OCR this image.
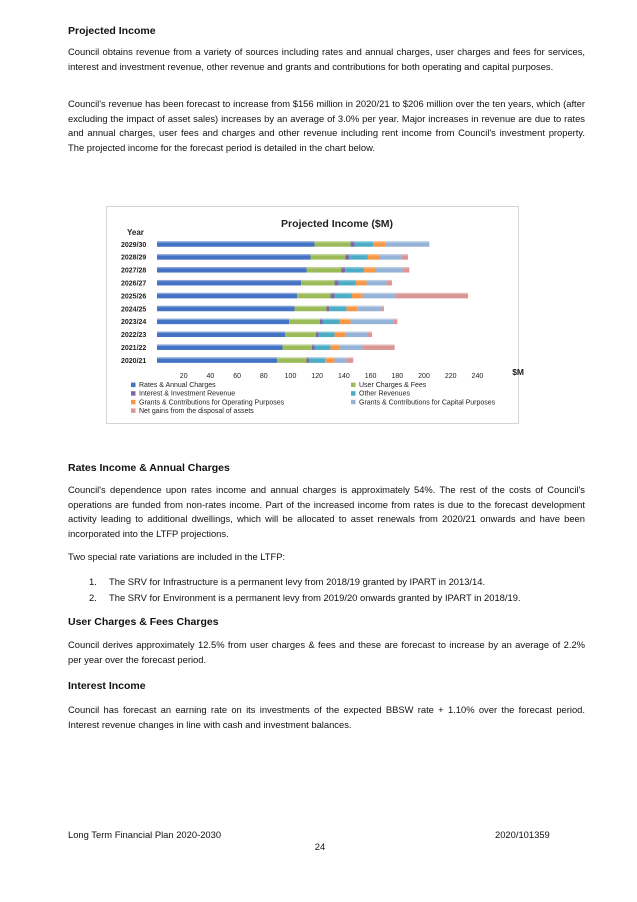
Projected Income

Council obtains revenue from a variety of sources including rates and annual charges, user charges and fees for services, interest and investment revenue, other revenue and grants and contributions for both operating and capital purposes.

Council's revenue has been forecast to increase from $156 million in 2020/21 to $206 million over the ten years, which (after excluding the impact of asset sales) increases by an average of 3.0% per year. Major increases in revenue are due to rates and annual charges, user fees and charges and other revenue including rent income from Council's investment property. The projected income for the forecast period is detailed in the chart below.

Projected Income ($M)
Year
$M
2029/30
2028/29
2027/28
2026/27
2025/26
2024/25
2023/24
2022/23
2021/22
2020/21
20	40	60	80 100 120 140 160 180 200 220 240
Rates & Annual Charges	User Charges & Fees
Interest & Investment Revenue	Other Revenues
Grants & Contributions for Operating Purposes	Grants & Contributions for Capital Purposes
Net gains from the disposal of assets
Rates Income & Annual Charges

Council's dependence upon rates income and annual charges is approximately 54%. The rest of the costs of Council's operations are funded from non-rates income. Part of the increased income from rates is due to the forecast development activity leading to additional dwellings, which will be allocated to asset renewals from 2020/21 onwards and have been incorporated into the LTFP projections.

Two special rate variations are included in the LTFP:

1. The SRV for Infrastructure is a permanent levy from 2018/19 granted by IPART in 2013/14.
2. The SRV for Environment is a permanent levy from 2019/20 onwards granted by IPART in 2018/19.
User Charges & Fees Charges

Council derives approximately 12.5% from user charges & fees and these are forecast to increase by an average of 2.2% per year over the forecast period.

Interest Income

Council has forecast an earning rate on its investments of the expected BBSW rate + 1.10% over the forecast period. Interest revenue changes in line with cash and investment balances.

Long Term Financial Plan 2020-2030	2020/101359
24
